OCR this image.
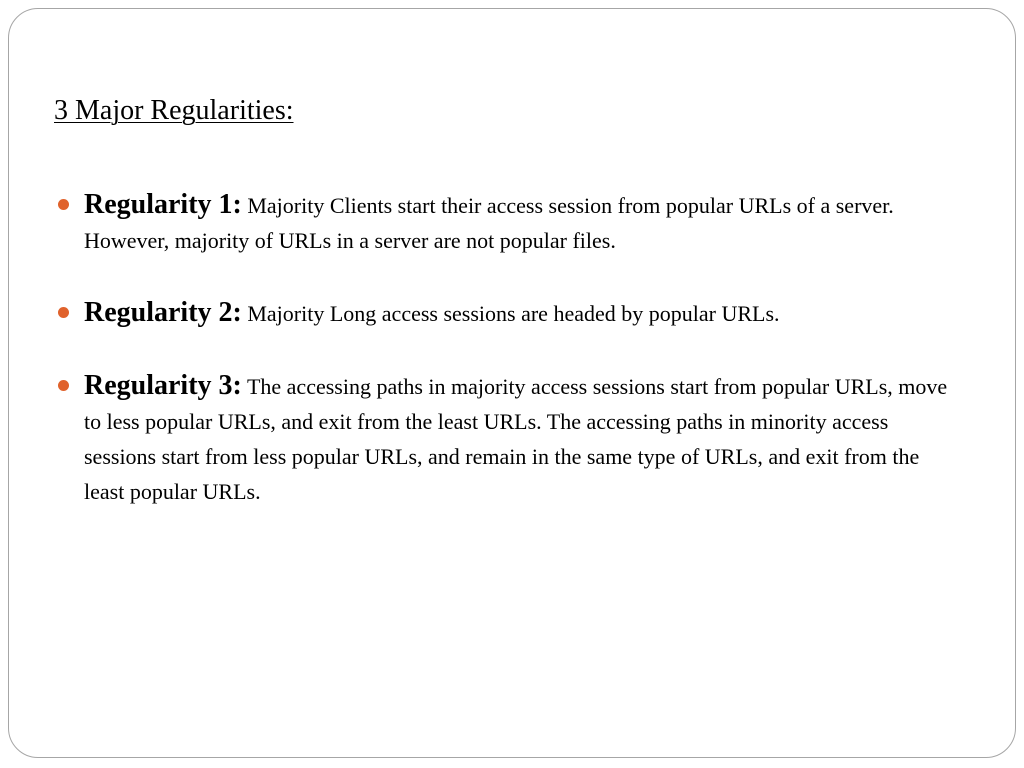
3 Major Regularities:
Regularity 1: Majority Clients start their access session from popular URLs of a server. However, majority of URLs in a server are not popular files.
Regularity 2: Majority Long access sessions are headed by popular URLs.
Regularity 3: The accessing paths in majority access sessions start from popular URLs, move to less popular URLs, and exit from the least URLs. The accessing paths in minority access sessions start from less popular URLs, and remain in the same type of URLs, and exit from the least popular URLs.
